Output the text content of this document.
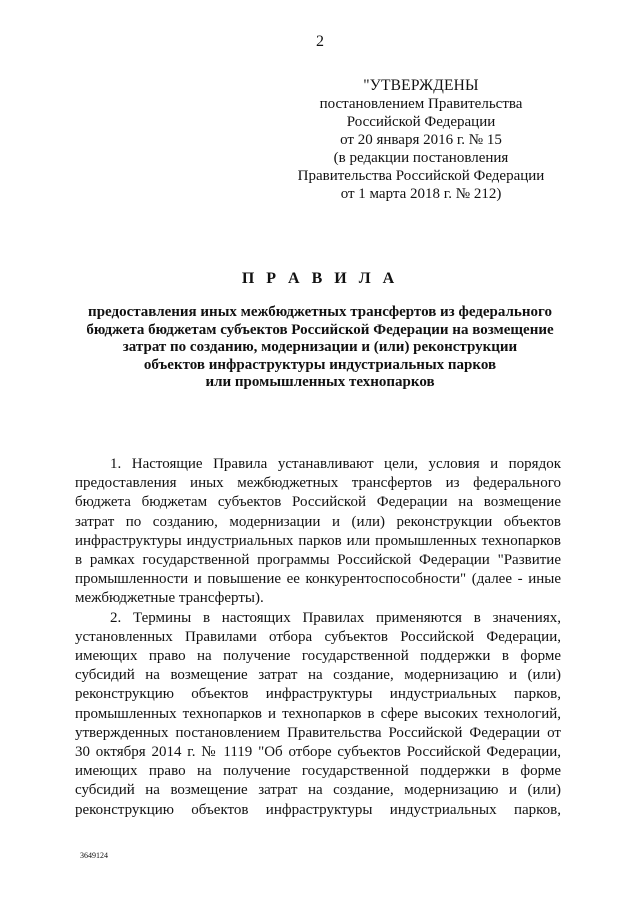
2
"УТВЕРЖДЕНЫ
постановлением Правительства
Российской Федерации
от 20 января 2016 г. № 15
(в редакции постановления
Правительства Российской Федерации
от 1 марта 2018 г. № 212)
П Р А В И Л А
предоставления иных межбюджетных трансфертов из федерального
бюджета бюджетам субъектов Российской Федерации на возмещение
затрат по созданию, модернизации и (или) реконструкции
объектов инфраструктуры индустриальных парков
или промышленных технопарков

1. Настоящие Правила устанавливают цели, условия и порядок предоставления иных межбюджетных трансфертов из федерального бюджета бюджетам субъектов Российской Федерации на возмещение затрат по созданию, модернизации и (или) реконструкции объектов инфраструктуры индустриальных парков или промышленных технопарков в рамках государственной программы Российской Федерации "Развитие промышленности и повышение ее конкурентоспособности" (далее - иные межбюджетные трансферты).

2. Термины в настоящих Правилах применяются в значениях, установленных Правилами отбора субъектов Российской Федерации, имеющих право на получение государственной поддержки в форме субсидий на возмещение затрат на создание, модернизацию и (или) реконструкцию объектов инфраструктуры индустриальных парков, промышленных технопарков и технопарков в сфере высоких технологий, утвержденных постановлением Правительства Российской Федерации от 30 октября 2014 г. № 1119 "Об отборе субъектов Российской Федерации, имеющих право на получение государственной поддержки в форме субсидий на возмещение затрат на создание, модернизацию и (или) реконструкцию объектов инфраструктуры индустриальных парков,

3649124
